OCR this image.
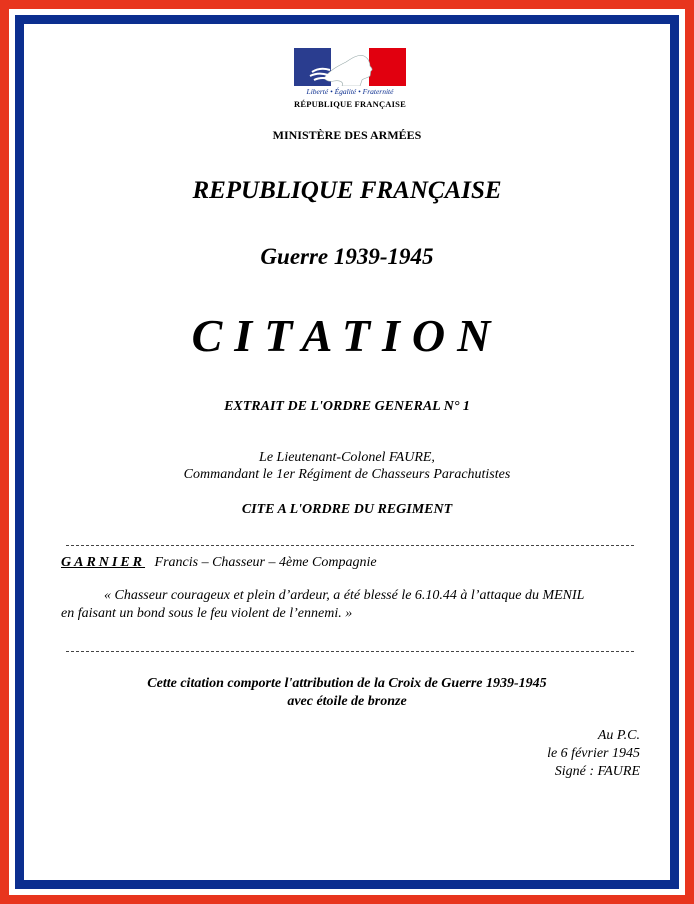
Liberté • Égalité • Fraternité
RÉPUBLIQUE FRANÇAISE
MINISTÈRE DES ARMÉES
REPUBLIQUE FRANÇAISE
Guerre 1939-1945
CITATION
EXTRAIT DE L'ORDRE GENERAL N° 1
Le Lieutenant-Colonel FAURE,
Commandant le 1er Régiment de Chasseurs Parachutistes
CITE A L'ORDRE DU REGIMENT
GARNIER Francis – Chasseur – 4ème Compagnie
« Chasseur courageux et plein d’ardeur, a été blessé le 6.10.44 à l’attaque du MENIL
en faisant un bond sous le feu violent de l’ennemi. »
Cette citation comporte l'attribution de la Croix de Guerre 1939-1945
avec étoile de bronze
Au P.C.
le 6 février 1945
Signé : FAURE
